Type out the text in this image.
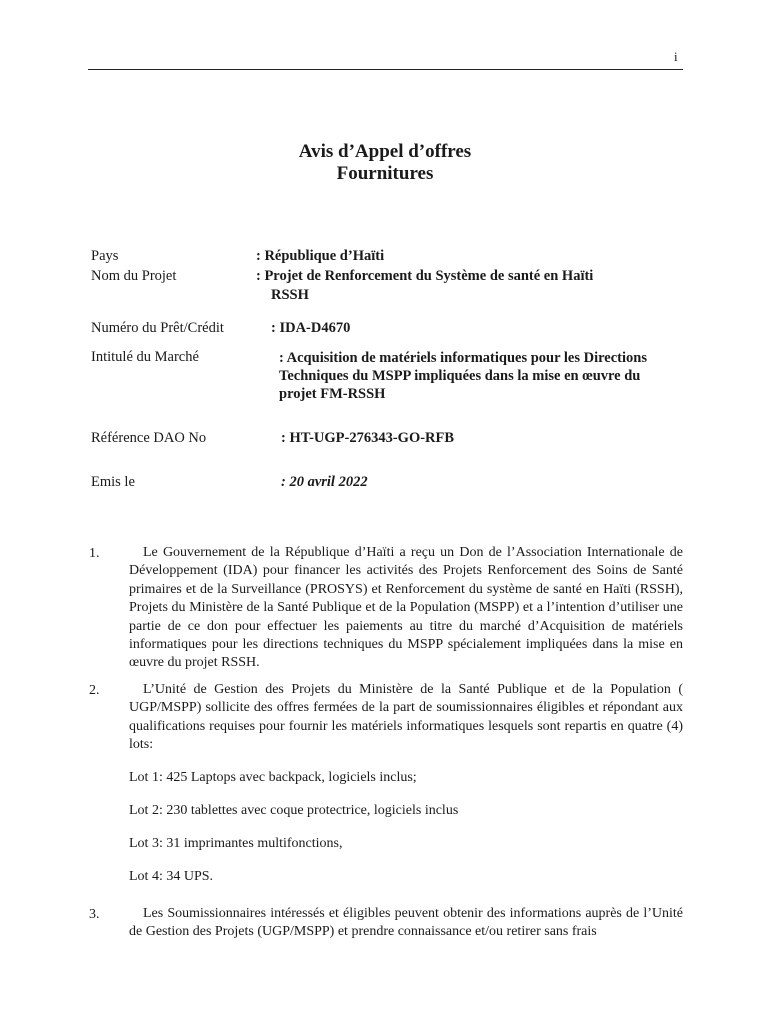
i
Avis d’Appel d’offres
Fournitures
Pays	: République d’Haïti
Nom du Projet	: Projet de Renforcement du Système de santé en Haïti
RSSH
Numéro du Prêt/Crédit	: IDA-D4670
Intitulé du Marché	: Acquisition de matériels informatiques pour les Directions
Techniques du MSPP impliquées dans la mise en œuvre du
projet FM-RSSH
Référence DAO No	: HT-UGP-276343-GO-RFB
Emis le	: 20 avril 2022
1.	Le Gouvernement de la République d’Haïti a reçu un Don de l’Association Internationale de Développement (IDA) pour financer les activités des Projets Renforcement des Soins de Santé primaires et de la Surveillance (PROSYS) et Renforcement du système de santé en Haïti (RSSH), Projets du Ministère de la Santé Publique et de la Population (MSPP) et a l’intention d’utiliser une partie de ce don pour effectuer les paiements au titre du marché d’Acquisition de matériels informatiques pour les directions techniques du MSPP spécialement impliquées dans la mise en œuvre du projet RSSH.
2.	L’Unité de Gestion des Projets du Ministère de la Santé Publique et de la Population ( UGP/MSPP) sollicite des offres fermées de la part de soumissionnaires éligibles et répondant aux qualifications requises pour fournir les matériels informatiques lesquels sont repartis en quatre (4) lots:
Lot 1: 425 Laptops avec backpack, logiciels inclus;
Lot 2: 230 tablettes avec coque protectrice, logiciels inclus
Lot 3: 31 imprimantes multifonctions,
Lot 4: 34 UPS.
3.	Les Soumissionnaires intéressés et éligibles peuvent obtenir des informations auprès de l’Unité de Gestion des Projets (UGP/MSPP) et prendre connaissance et/ou retirer sans frais
